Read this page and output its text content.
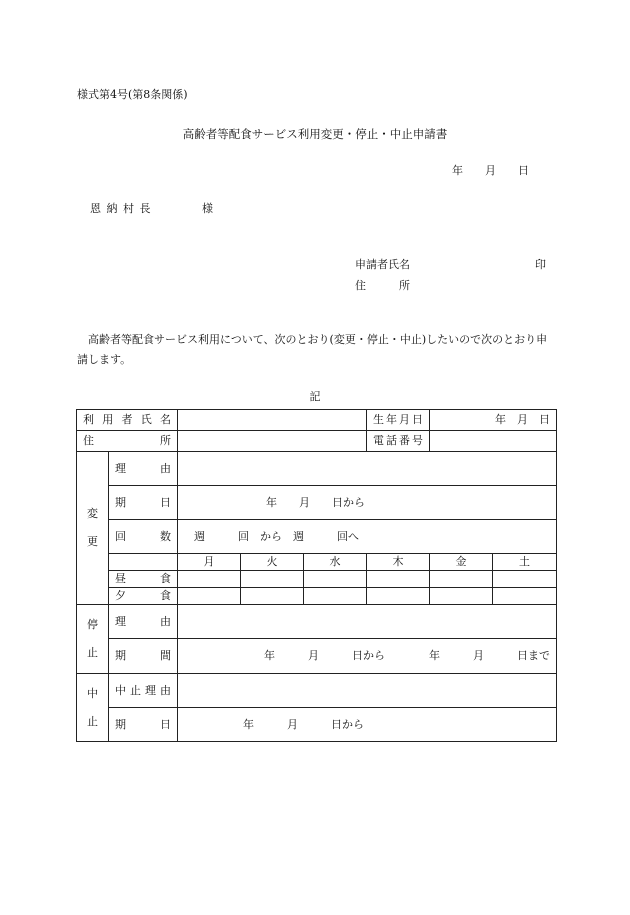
様式第4号(第8条関係)
高齢者等配食サービス利用変更・停止・中止申請書
年　　月　　日
恩 納 村 長	様
申請者氏名	印
住　　　所
高齢者等配食サービス利用について、次のとおり(変更・停止・中止)したいので次のとおり申請します。
記
利 用 者 氏 名					生年月日	年　月　日	
住　　　　　所					電話番号		
変

更	理　　由						
	期　　日	年　　月　　日から					
	回　　数	週　　　回　から　週　　　回へ					
		月	火	水	木	金	土
	昼　　食						
	夕　　食						
停

止	理　　由						
	期　　間	年　　　月　　　日から　　　　年　　　月　　　日まで					
中

止	中止理由						
	期　　日	年　　　月　　　日から					
